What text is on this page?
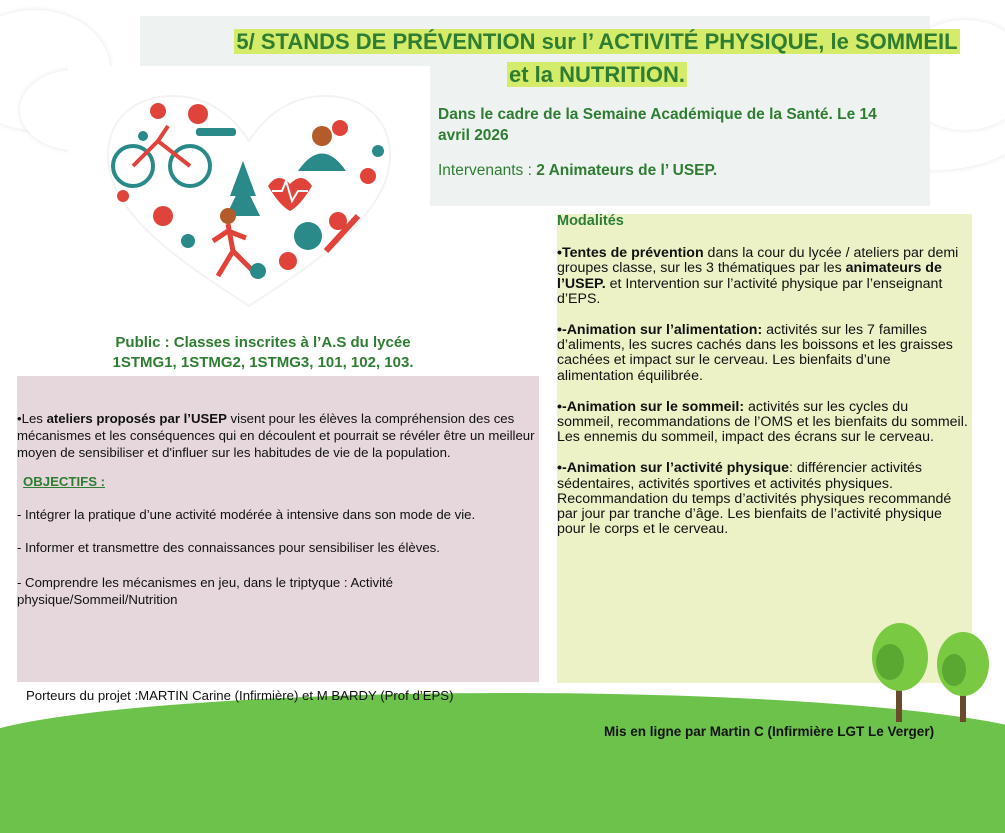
5/ STANDS DE PRÉVENTION sur l’ ACTIVITÉ PHYSIQUE, le SOMMEIL
et la NUTRITION.
Dans le cadre de la Semaine Académique de la Santé. Le 14 avril 2026
Intervenants : 2 Animateurs de l’ USEP.
Public : Classes inscrites à l’A.S du lycée
1STMG1, 1STMG2, 1STMG3, 101, 102, 103.

•Les ateliers proposés par l’USEP visent pour les élèves la compréhension des ces mécanismes et les conséquences qui en découlent et pourrait se révéler être un meilleur moyen de sensibiliser et d'influer sur les habitudes de vie de la population.

OBJECTIFS :

- Intégrer la pratique d’une activité modérée à intensive dans son mode de vie.

- Informer et transmettre des connaissances pour sensibiliser les élèves.

- Comprendre les mécanismes en jeu, dans le triptyque : Activité physique/Sommeil/Nutrition

Modalités

•Tentes de prévention dans la cour du lycée / ateliers par demi groupes classe, sur les 3 thématiques par les animateurs de l’USEP. et Intervention sur l’activité physique par l’enseignant d’EPS.

•-Animation sur l’alimentation: activités sur les 7 familles d’aliments, les sucres cachés dans les boissons et les graisses cachées et impact sur le cerveau. Les bienfaits d’une alimentation équilibrée.

•-Animation sur le sommeil: activités sur les cycles du sommeil, recommandations de l’OMS et les bienfaits du sommeil. Les ennemis du sommeil, impact des écrans sur le cerveau.

•-Animation sur l’activité physique: différencier activités sédentaires, activités sportives et activités physiques. Recommandation du temps d’activités physiques recommandé par jour par tranche d’âge. Les bienfaits de l’activité physique pour le corps et le cerveau.

Porteurs du projet :MARTIN Carine (Infirmière) et M BARDY (Prof d’EPS)
Mis en ligne par Martin C (Infirmière LGT Le Verger)
